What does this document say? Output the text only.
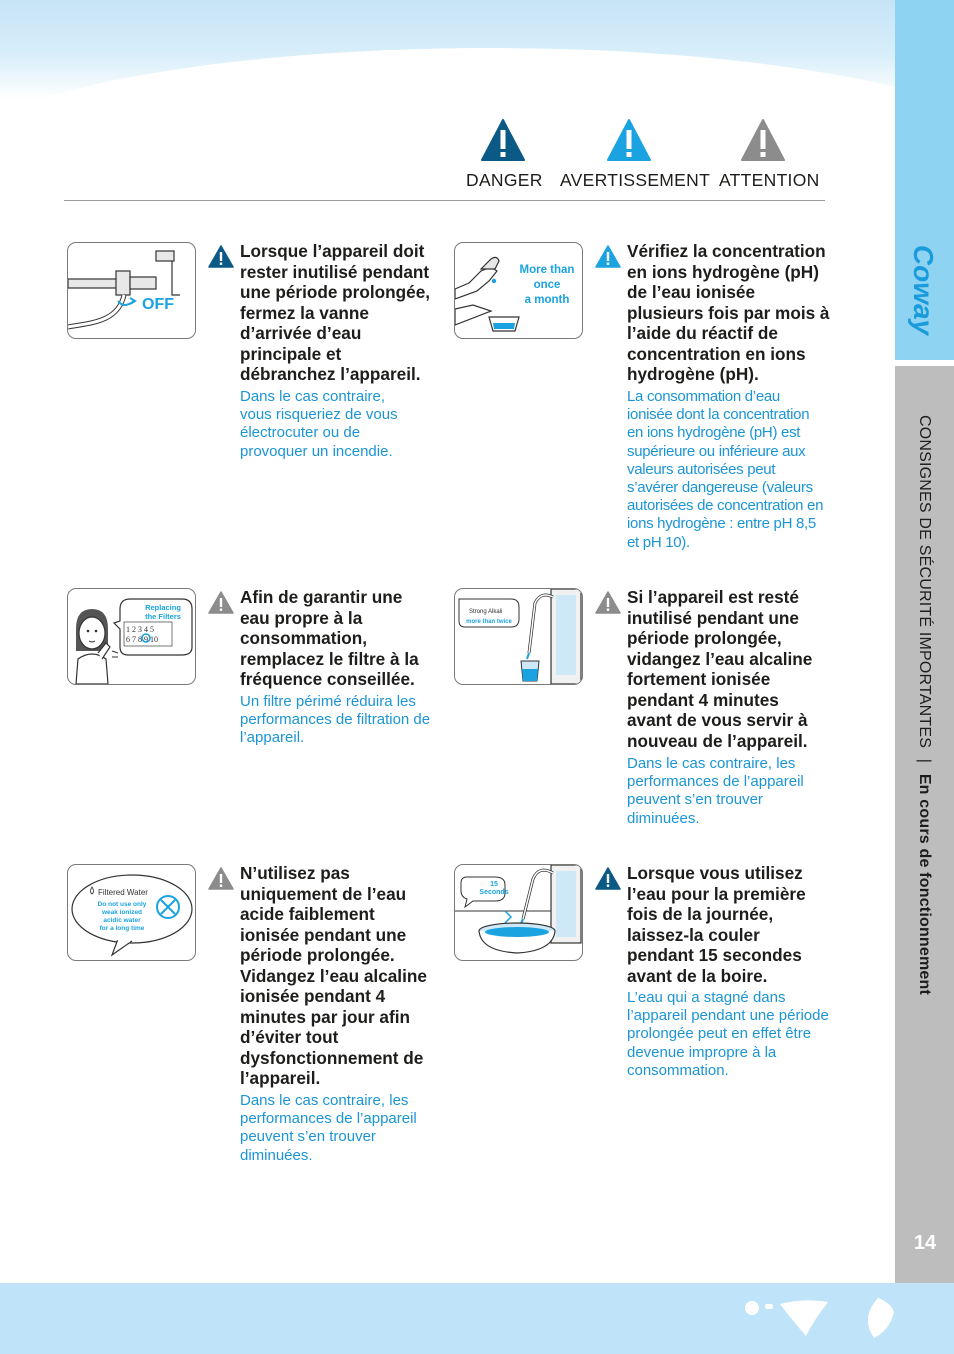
Coway
CONSIGNES DE SÉCURITÉ IMPORTANTES | En cours de fonctionnement
14
DANGER AVERTISSEMENT ATTENTION
OFF
Lorsque l’appareil doit rester inutilisé pendant une période prolongée, fermez la vanne d’arrivée d’eau principale et débranchez l’appareil.
Dans le cas contraire, vous risqueriez de vous électrocuter ou de provoquer un incendie.
More than
once
a month
Vérifiez la concentration en ions hydrogène (pH) de l’eau ionisée plusieurs fois par mois à l’aide du réactif de concentration en ions hydrogène (pH).
La consommation d’eau ionisée dont la concentration en ions hydrogène (pH) est supérieure ou inférieure aux valeurs autorisées peut s’avérer dangereuse (valeurs autorisées de concentration en ions hydrogène : entre pH 8,5 et pH 10).
Replacing
the Filters
1 2 3 4 5
6 7 8 9 10
Afin de garantir une eau propre à la consommation, remplacez le filtre à la fréquence conseillée.
Un filtre périmé réduira les performances de filtration de l’appareil.
Strong Alkali
more than twice
Si l’appareil est resté inutilisé pendant une période prolongée, vidangez l’eau alcaline fortement ionisée pendant 4 minutes avant de vous servir à nouveau de l’appareil.
Dans le cas contraire, les performances de l’appareil peuvent s’en trouver diminuées.
Filtered Water
Do not use only
weak ionized
acidic water
for a long time
N’utilisez pas uniquement de l’eau acide faiblement ionisée pendant une période prolongée. Vidangez l’eau alcaline ionisée pendant 4 minutes par jour afin d’éviter tout dysfonctionnement de l’appareil.
Dans le cas contraire, les performances de l’appareil peuvent s’en trouver diminuées.
15
Seconds
Lorsque vous utilisez l’eau pour la première fois de la journée, laissez-la couler pendant 15 secondes avant de la boire.
L’eau qui a stagné dans l’appareil pendant une période prolongée peut en effet être devenue impropre à la consommation.
